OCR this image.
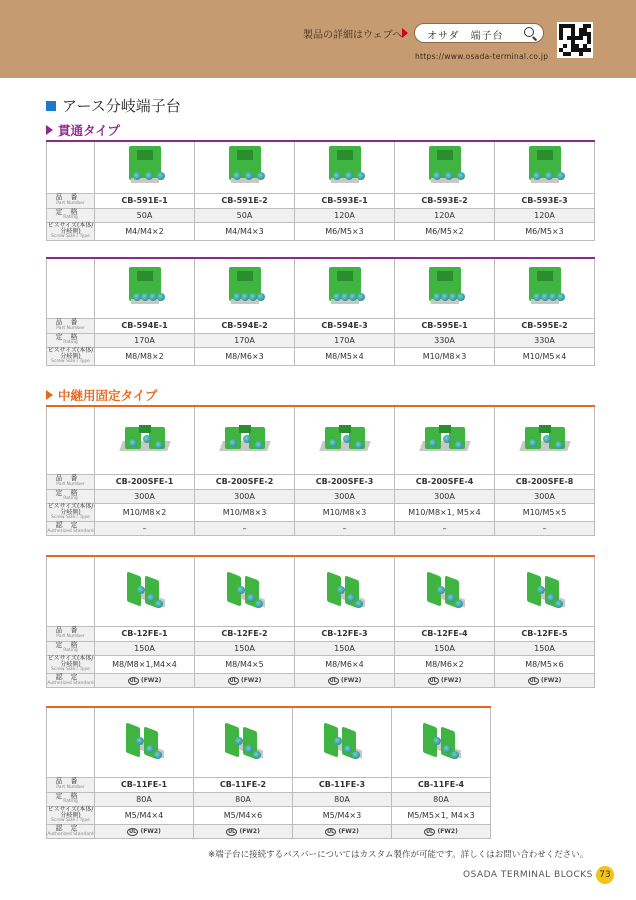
製品の詳細はウェブへ オサダ　端子台
https://www.osada-terminal.co.jp
アース分岐端子台
貫通タイプ
中継用固定タイプ

品番
Part Number	CB-591E-1	CB-591E-2	CB-593E-1	CB-593E-2	CB-593E-3

定格
Rating	50A	50A	120A	120A	120A

ビスサイズ(本体/分岐側)
Screw Size / Type	M4/M4×2	M4/M4×3	M6/M5×3	M6/M5×2	M6/M5×3

品番
Part Number	CB-594E-1	CB-594E-2	CB-594E-3	CB-595E-1	CB-595E-2

定格
Rating	170A	170A	170A	330A	330A

ビスサイズ(本体/分岐側)
Screw Size / Type	M8/M8×2	M8/M6×3	M8/M5×4	M10/M8×3	M10/M5×4

品番
Part Number	CB-200SFE-1	CB-200SFE-2	CB-200SFE-3	CB-200SFE-4	CB-200SFE-8

定格
Rating	300A	300A	300A	300A	300A

ビスサイズ(本体/分岐側)
Screw Size / Type	M10/M8×2	M10/M8×3	M10/M8×3	M10/M8×1, M5×4	M10/M5×5

認定
Authorized Standard	–	–	–	–	–

品番
Part Number	CB-12FE-1	CB-12FE-2	CB-12FE-3	CB-12FE-4	CB-12FE-5

定格
Rating	150A	150A	150A	150A	150A

ビスサイズ(本体/分岐側)
Screw Size / Type	M8/M8×1,M4×4	M8/M4×5	M8/M6×4	M8/M6×2	M8/M5×6

認定
Authorized Standard	UL (FW2)	UL (FW2)	UL (FW2)	UL (FW2)	UL (FW2)

品番
Part Number	CB-11FE-1	CB-11FE-2	CB-11FE-3	CB-11FE-4

定格
Rating	80A	80A	80A	80A

ビスサイズ(本体/分岐側)
Screw Size / Type	M5/M4×4	M5/M4×6	M5/M4×3	M5/M5×1, M4×3

認定
Authorized Standard	UL (FW2)	UL (FW2)	UL (FW2)	UL (FW2)
※端子台に接続するバスバーについてはカスタム製作が可能です。詳しくはお問い合わせください。
OSADA TERMINAL BLOCKS 73
